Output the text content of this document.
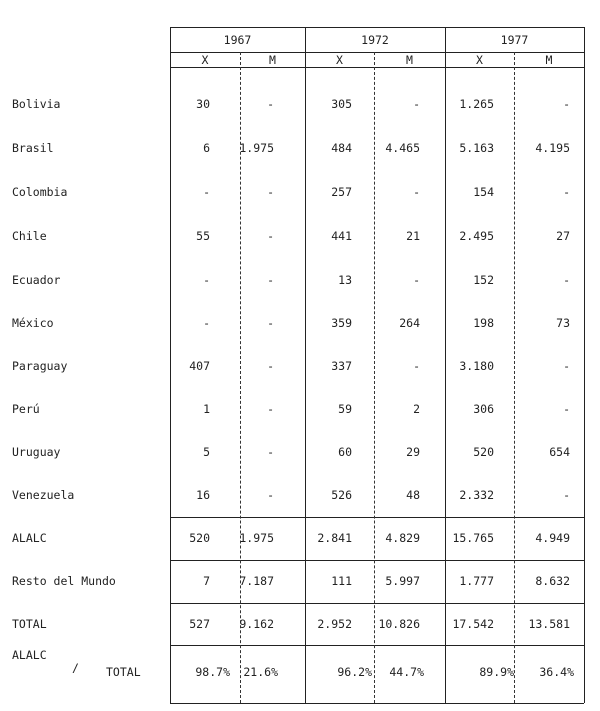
1967	1972	1977
X	M	X	M	X	M
Bolivia	30	-	305	-	1.265	-
Brasil	6	1.975	484	4.465	5.163	4.195
Colombia	-	-	257	-	154	-
Chile	55	-	441	21	2.495	27
Ecuador	-	-	13	-	152	-
México	-	-	359	264	198	73
Paraguay	407	-	337	-	3.180	-
Perú	1	-	59	2	306	-
Uruguay	5	-	60	29	520	654
Venezuela	16	-	526	48	2.332	-
ALALC	520	1.975	2.841	4.829	15.765	4.949
Resto del Mundo	7	7.187	111	5.997	1.777	8.632
TOTAL	527	9.162	2.952	10.826	17.542	13.581
ALALC
/ TOTAL	98.7%	21.6%	96.2%	44.7%	89.9%	36.4%
